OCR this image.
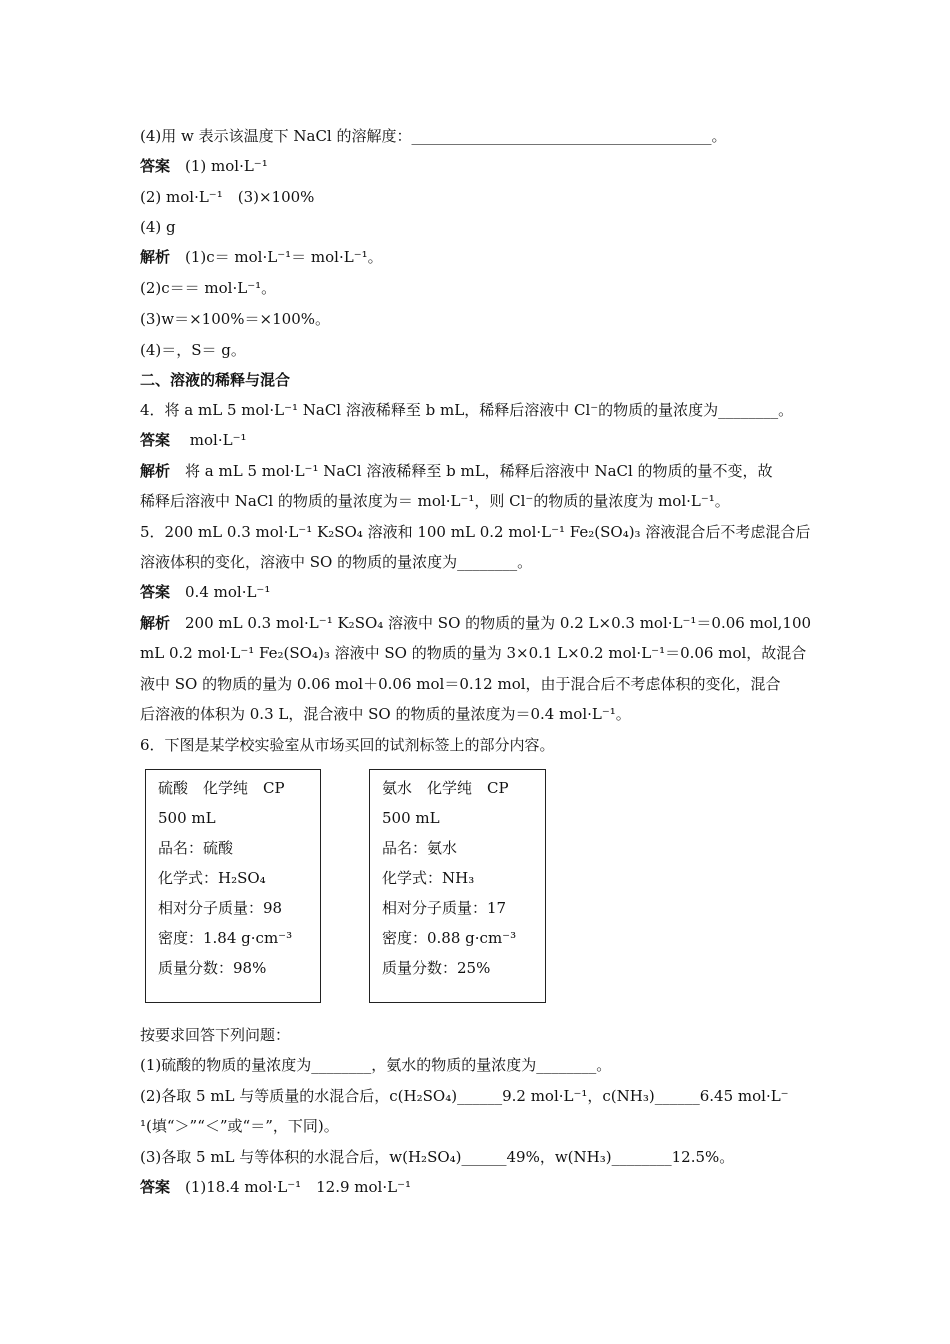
(4)用 w 表示该温度下 NaCl 的溶解度：________________________________________。
答案　(1) mol·L⁻¹
(2) mol·L⁻¹　(3)×100%
(4) g
解析　(1)c＝ mol·L⁻¹＝ mol·L⁻¹。
(2)c＝＝ mol·L⁻¹。
(3)w＝×100%＝×100%。
(4)＝，S＝ g。
二、溶液的稀释与混合
4．将 a mL 5 mol·L⁻¹ NaCl 溶液稀释至 b mL，稀释后溶液中 Cl⁻的物质的量浓度为________。
答案　 mol·L⁻¹
解析　将 a mL 5 mol·L⁻¹ NaCl 溶液稀释至 b mL，稀释后溶液中 NaCl 的物质的量不变，故
稀释后溶液中 NaCl 的物质的量浓度为＝ mol·L⁻¹，则 Cl⁻的物质的量浓度为 mol·L⁻¹。
5．200 mL 0.3 mol·L⁻¹ K₂SO₄ 溶液和 100 mL 0.2 mol·L⁻¹ Fe₂(SO₄)₃ 溶液混合后不考虑混合后
溶液体积的变化，溶液中 SO 的物质的量浓度为________。
答案　0.4 mol·L⁻¹
解析　200 mL 0.3 mol·L⁻¹ K₂SO₄ 溶液中 SO 的物质的量为 0.2 L×0.3 mol·L⁻¹＝0.06 mol,100
mL 0.2 mol·L⁻¹ Fe₂(SO₄)₃ 溶液中 SO 的物质的量为 3×0.1 L×0.2 mol·L⁻¹＝0.06 mol，故混合
液中 SO 的物质的量为 0.06 mol＋0.06 mol＝0.12 mol，由于混合后不考虑体积的变化，混合
后溶液的体积为 0.3 L，混合液中 SO 的物质的量浓度为＝0.4 mol·L⁻¹。
6．下图是某学校实验室从市场买回的试剂标签上的部分内容。
硫酸　化学纯　CP
500 mL
品名：硫酸
化学式：H₂SO₄
相对分子质量：98
密度：1.84 g·cm⁻³
质量分数：98%
氨水　化学纯　CP
500 mL
品名：氨水
化学式：NH₃
相对分子质量：17
密度：0.88 g·cm⁻³
质量分数：25%
按要求回答下列问题：
(1)硫酸的物质的量浓度为________，氨水的物质的量浓度为________。
(2)各取 5 mL 与等质量的水混合后，c(H₂SO₄)______9.2 mol·L⁻¹，c(NH₃)______6.45 mol·L⁻
¹(填“＞”“＜”或“＝”，下同)。
(3)各取 5 mL 与等体积的水混合后，w(H₂SO₄)______49%，w(NH₃)________12.5%。
答案　(1)18.4 mol·L⁻¹　12.9 mol·L⁻¹
